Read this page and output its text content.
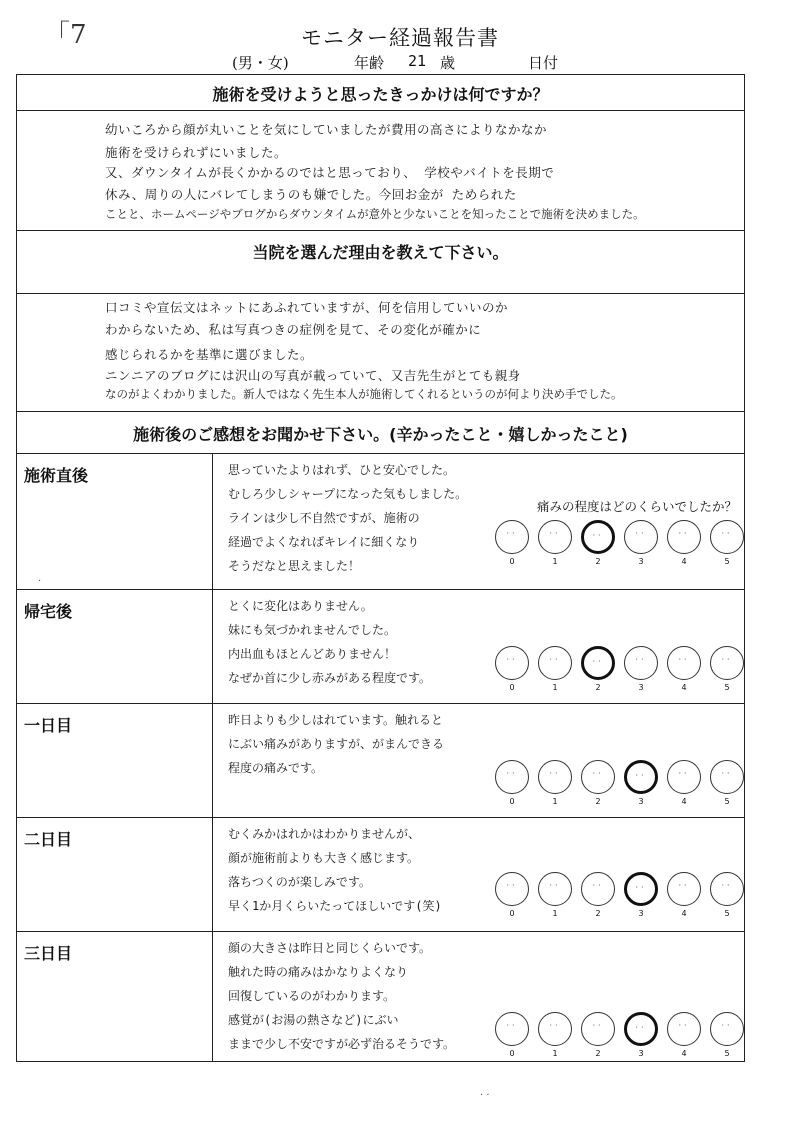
「7	モニター経過報告書
(男・女)	年齢 21 歳	日付
施術を受けようと思ったきっかけは何ですか？
幼いころから顔が丸いことを気にしていましたが費用の高さによりなかなか
施術を受けられずにいました。
又、ダウンタイムが長くかかるのではと思っており、 学校やバイトを長期で
休み、周りの人にバレてしまうのも嫌でした。今回お金が ためられた
ことと、ホームページやブログからダウンタイムが意外と少ないことを知ったことで施術を決めました。
当院を選んだ理由を教えて下さい。
口コミや宣伝文はネットにあふれていますが、何を信用していいのか
わからないため、私は写真つきの症例を見て、その変化が確かに
感じられるかを基準に選びました。
ニンニアのブログには沢山の写真が載っていて、又吉先生がとても親身
なのがよくわかりました。新人ではなく先生本人が施術してくれるというのが何より決め手でした。
施術後のご感想をお聞かせ下さい。(辛かったこと・嬉しかったこと)
痛みの程度はどのくらいでしたか？
施術直後	思っていたよりはれず、ひと安心でした。
むしろ少しシャープになった気もしました。
ラインは少し不自然ですが、施術の
経過でよくなればキレイに細くなり
そうだなと思えました！
··
0
··
1
··
2
··
3
··
4
··
5
帰宅後	とくに変化はありません。
妹にも気づかれませんでした。
内出血もほとんどありません！
なぜか首に少し赤みがある程度です。
··
0
··
1
··
2
··
3
··
4
··
5
一日目	昨日よりも少しはれています。触れると
にぶい痛みがありますが、がまんできる
程度の痛みです。	··
0
··
1
··
2
··
3
··
4
··
5
二日目	むくみかはれかはわかりませんが、
顔が施術前よりも大きく感じます。
落ちつくのが楽しみです。
早く1か月くらいたってほしいです(笑)
··
0
··
1
··
2
··
3
··
4
··
5
三日目	顔の大きさは昨日と同じくらいです。
触れた時の痛みはかなりよくなり
回復しているのがわかります。
感覚が(お湯の熱さなど)にぶい
ままで少し不安ですが必ず治るそうです。
··
0
··
1
··
2
··
3
··
4
··
5
·
· ·
